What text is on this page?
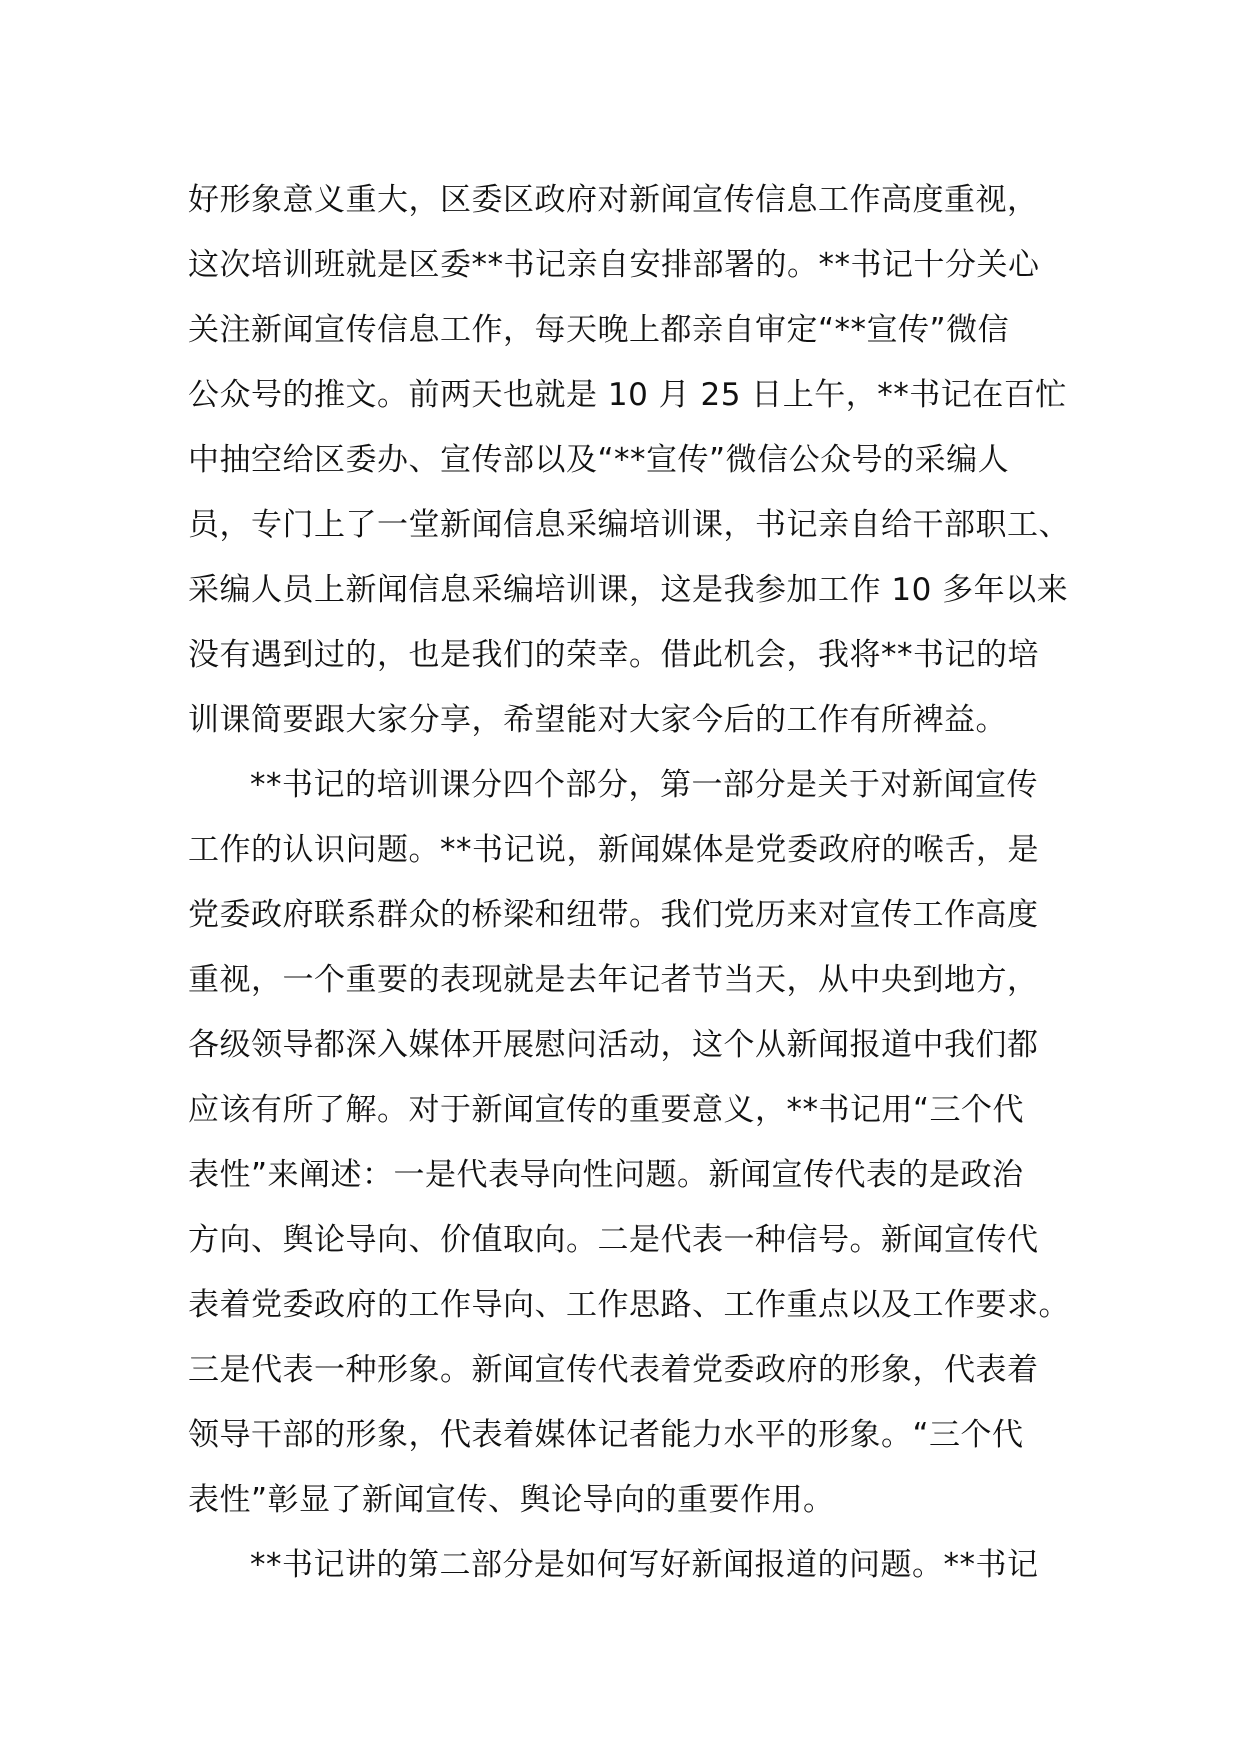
好形象意义重大，区委区政府对新闻宣传信息工作高度重视，
这次培训班就是区委**书记亲自安排部署的。**书记十分关心
关注新闻宣传信息工作，每天晚上都亲自审定“**宣传”微信
公众号的推文。前两天也就是 10 月 25 日上午，**书记在百忙
中抽空给区委办、宣传部以及“**宣传”微信公众号的采编人
员，专门上了一堂新闻信息采编培训课，书记亲自给干部职工、
采编人员上新闻信息采编培训课，这是我参加工作 10 多年以来
没有遇到过的，也是我们的荣幸。借此机会，我将**书记的培
训课简要跟大家分享，希望能对大家今后的工作有所裨益。
**书记的培训课分四个部分，第一部分是关于对新闻宣传
工作的认识问题。**书记说，新闻媒体是党委政府的喉舌，是
党委政府联系群众的桥梁和纽带。我们党历来对宣传工作高度
重视，一个重要的表现就是去年记者节当天，从中央到地方，
各级领导都深入媒体开展慰问活动，这个从新闻报道中我们都
应该有所了解。对于新闻宣传的重要意义，**书记用“三个代
表性”来阐述：一是代表导向性问题。新闻宣传代表的是政治
方向、舆论导向、价值取向。二是代表一种信号。新闻宣传代
表着党委政府的工作导向、工作思路、工作重点以及工作要求。
三是代表一种形象。新闻宣传代表着党委政府的形象，代表着
领导干部的形象，代表着媒体记者能力水平的形象。“三个代
表性”彰显了新闻宣传、舆论导向的重要作用。
**书记讲的第二部分是如何写好新闻报道的问题。**书记
